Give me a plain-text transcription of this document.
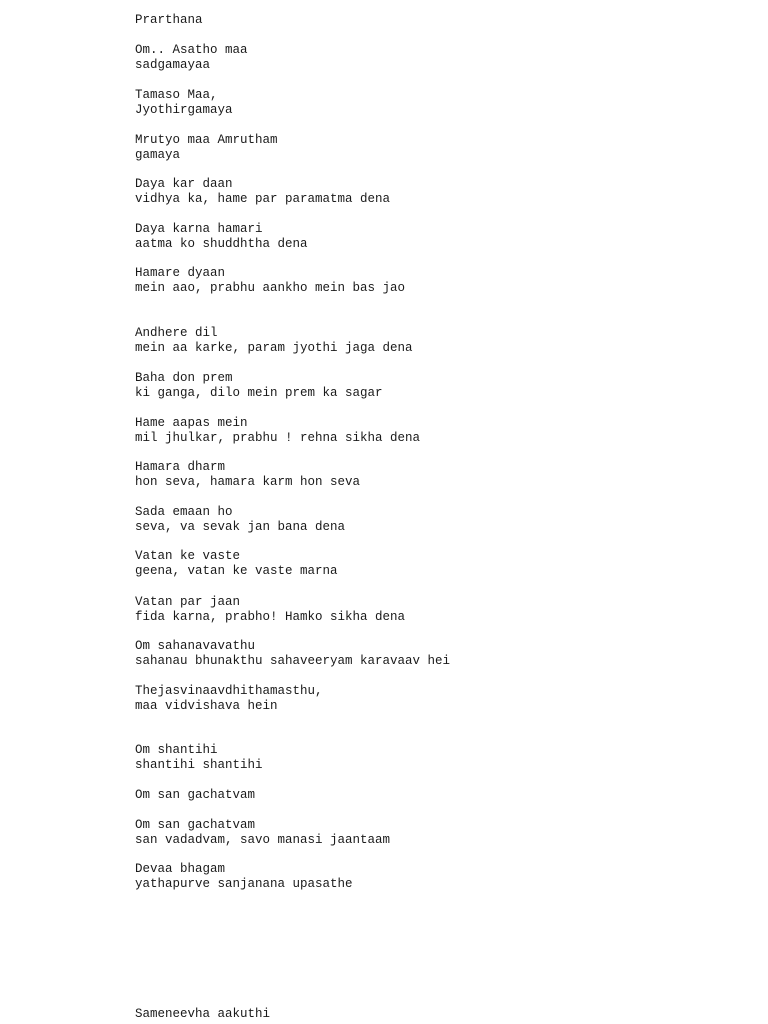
Prarthana
Om.. Asatho maa
sadgamayaa
Tamaso Maa,
Jyothirgamaya
Mrutyo maa Amrutham
gamaya
Daya kar daan
vidhya ka, hame par paramatma dena
Daya karna hamari
aatma ko shuddhtha dena
Hamare dyaan
mein aao, prabhu aankho mein bas jao
Andhere dil
mein aa karke, param jyothi jaga dena
Baha don prem
ki ganga, dilo mein prem ka sagar
Hame aapas mein
mil jhulkar, prabhu ! rehna sikha dena
Hamara dharm
hon seva, hamara karm hon seva
Sada emaan ho
seva, va sevak jan bana dena
Vatan ke vaste
geena, vatan ke vaste marna
Vatan par jaan
fida karna, prabho! Hamko sikha dena
Om sahanavavathu
sahanau bhunakthu sahaveeryam karavaav hei
Thejasvinaavdhithamasthu,
maa vidvishava hein
Om shantihi
shantihi shantihi
Om san gachatvam
Om san gachatvam
san vadadvam, savo manasi jaantaam
Devaa bhagam
yathapurve sanjanana upasathe
Sameneevha aakuthi
